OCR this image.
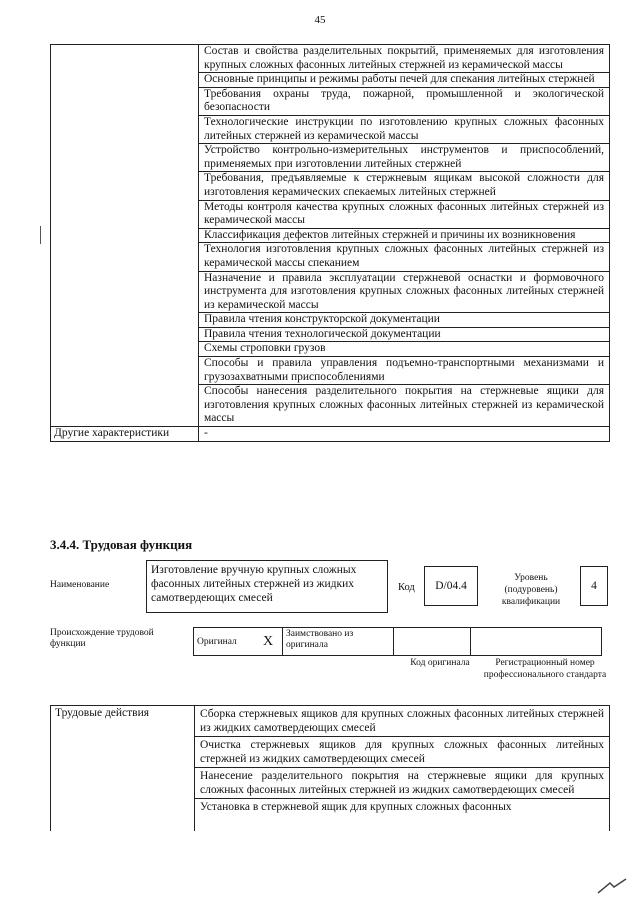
45
	Состав и свойства разделительных покрытий, применяемых для изготовления крупных сложных фасонных литейных стержней из керамической массы
	Основные принципы и режимы работы печей для спекания литейных стержней
	Требования охраны труда, пожарной, промышленной и экологической безопасности
	Технологические инструкции по изготовлению крупных сложных фасонных литейных стержней из керамической массы
	Устройство контрольно-измерительных инструментов и приспособлений, применяемых при изготовлении литейных стержней
	Требования, предъявляемые к стержневым ящикам высокой сложности для изготовления керамических спекаемых литейных стержней
	Методы контроля качества крупных сложных фасонных литейных стержней из керамической массы
	Классификация дефектов литейных стержней и причины их возникновения
	Технология изготовления крупных сложных фасонных литейных стержней из керамической массы спеканием
	Назначение и правила эксплуатации стержневой оснастки и формовочного инструмента для изготовления крупных сложных фасонных литейных стержней из керамической массы
	Правила чтения конструкторской документации
	Правила чтения технологической документации
	Схемы строповки грузов
	Способы и правила управления подъемно-транспортными механизмами и грузозахватными приспособлениями
	Способы нанесения разделительного покрытия на стержневые ящики для изготовления крупных сложных фасонных литейных стержней из керамической массы
Другие характеристики	-
3.4.4. Трудовая функция
Наименование
Изготовление вручную крупных сложных фасонных литейных стержней из жидких самотвердеющих смесей
Код	D/04.4
Уровень (подуровень) квалификации
4
Происхождение трудовой функции	Оригинал	X	Заимствовано из оригинала		
Код оригинала	Регистрационный номер профессионального стандарта
Трудовые действия	Сборка стержневых ящиков для крупных сложных фасонных литейных стержней из жидких самотвердеющих смесей
Очистка стержневых ящиков для крупных сложных фасонных литейных стержней из жидких самотвердеющих смесей
Нанесение разделительного покрытия на стержневые ящики для крупных сложных фасонных литейных стержней из жидких самотвердеющих смесей
Установка в стержневой ящик для крупных сложных фасонных
